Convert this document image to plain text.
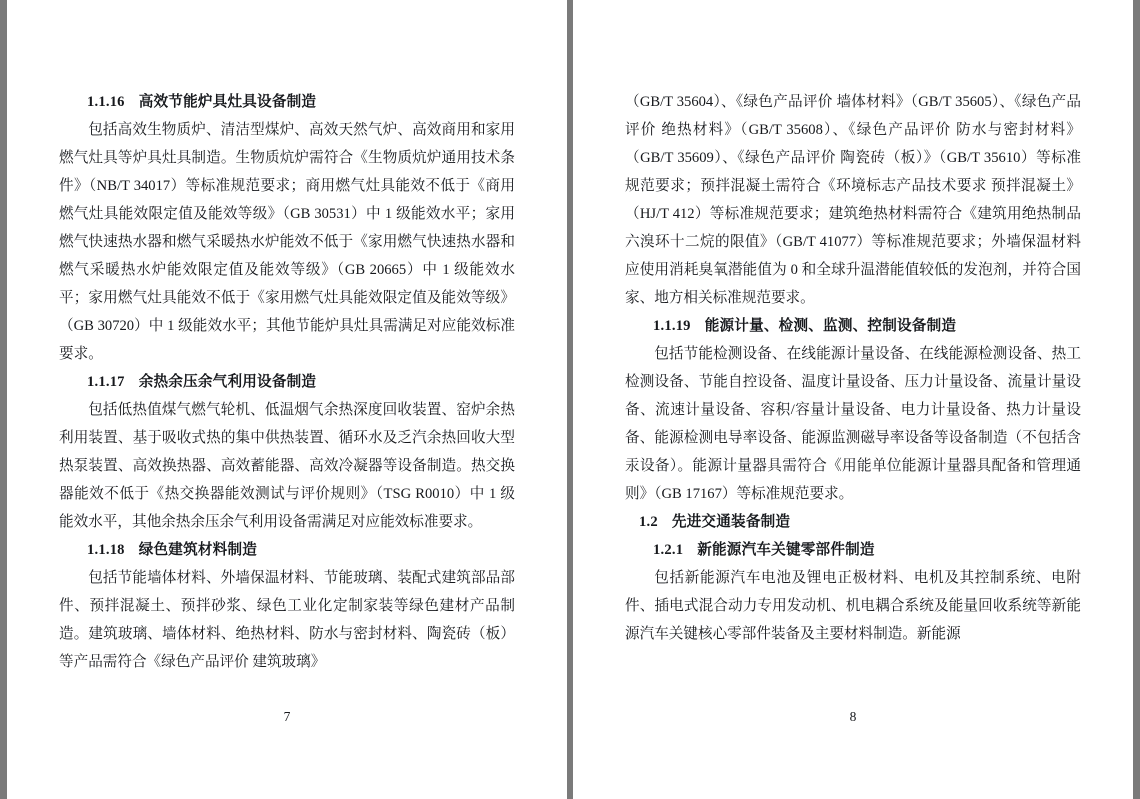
1.1.16 高效节能炉具灶具设备制造

包括高效生物质炉、清洁型煤炉、高效天然气炉、高效商用和家用燃气灶具等炉具灶具制造。生物质炕炉需符合《生物质炕炉通用技术条件》（NB/T 34017）等标准规范要求；商用燃气灶具能效不低于《商用燃气灶具能效限定值及能效等级》（GB 30531）中 1 级能效水平；家用燃气快速热水器和燃气采暖热水炉能效不低于《家用燃气快速热水器和燃气采暖热水炉能效限定值及能效等级》（GB 20665）中 1 级能效水平；家用燃气灶具能效不低于《家用燃气灶具能效限定值及能效等级》（GB 30720）中 1 级能效水平；其他节能炉具灶具需满足对应能效标准要求。

1.1.17 余热余压余气利用设备制造

包括低热值煤气燃气轮机、低温烟气余热深度回收装置、窑炉余热利用装置、基于吸收式热的集中供热装置、循环水及乏汽余热回收大型热泵装置、高效换热器、高效蓄能器、高效冷凝器等设备制造。热交换器能效不低于《热交换器能效测试与评价规则》（TSG R0010）中 1 级能效水平，其他余热余压余气利用设备需满足对应能效标准要求。

1.1.18 绿色建筑材料制造

包括节能墙体材料、外墙保温材料、节能玻璃、装配式建筑部品部件、预拌混凝土、预拌砂浆、绿色工业化定制家装等绿色建材产品制造。建筑玻璃、墙体材料、绝热材料、防水与密封材料、陶瓷砖（板）等产品需符合《绿色产品评价 建筑玻璃》

7

（GB/T 35604）、《绿色产品评价 墙体材料》（GB/T 35605）、《绿色产品评价 绝热材料》（GB/T 35608）、《绿色产品评价 防水与密封材料》（GB/T 35609）、《绿色产品评价 陶瓷砖（板）》（GB/T 35610）等标准规范要求；预拌混凝土需符合《环境标志产品技术要求 预拌混凝土》（HJ/T 412）等标准规范要求；建筑绝热材料需符合《建筑用绝热制品 六溴环十二烷的限值》（GB/T 41077）等标准规范要求；外墙保温材料应使用消耗臭氧潜能值为 0 和全球升温潜能值较低的发泡剂，并符合国家、地方相关标准规范要求。

1.1.19 能源计量、检测、监测、控制设备制造

包括节能检测设备、在线能源计量设备、在线能源检测设备、热工检测设备、节能自控设备、温度计量设备、压力计量设备、流量计量设备、流速计量设备、容积/容量计量设备、电力计量设备、热力计量设备、能源检测电导率设备、能源监测磁导率设备等设备制造（不包括含汞设备）。能源计量器具需符合《用能单位能源计量器具配备和管理通则》（GB 17167）等标准规范要求。

1.2 先进交通装备制造

1.2.1 新能源汽车关键零部件制造

包括新能源汽车电池及锂电正极材料、电机及其控制系统、电附件、插电式混合动力专用发动机、机电耦合系统及能量回收系统等新能源汽车关键核心零部件装备及主要材料制造。新能源

8
